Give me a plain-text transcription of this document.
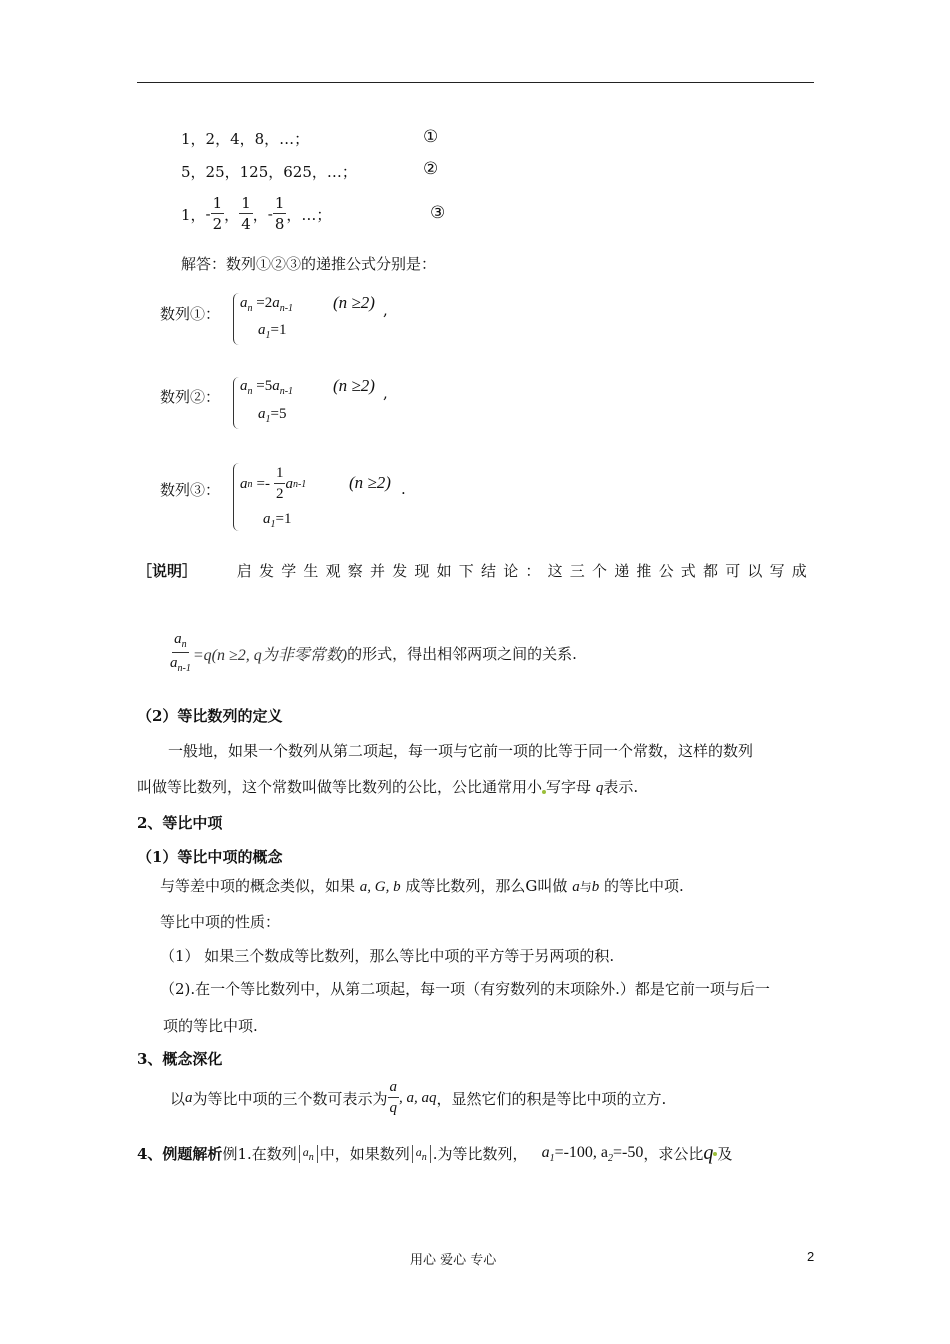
1，2，4，8，…；	①
5，25，125，625，…；	②
1， - $\frac{1}{2}$ ， $\frac{1}{4}$ ， - $\frac{1}{8}$ ，…；	③
解答：数列①②③的递推公式分别是：
数列①：
$a_n =2a_{n-1}$ (n ≥2) ,
$a_1=1$
数列②：
$a_n =5a_{n-1}$ (n ≥2) ,
$a_1=5$
数列③： a $n =- \frac{1}{2}$ a n-1	(n ≥2) .
$a_1=1$
［说明］	启发学生观察并发现如下结论：这三个递推公式都可以写成
$\frac{a_n}{a_{n-1}} =q(n \ge 2$, q为非零常数) 的形式，得出相邻两项之间的关系.
（2）等比数列的定义
一般地，如果一个数列从第二项起，每一项与它前一项的比等于同一个常数，这样的数列
叫做等比数列，这个常数叫做等比数列的公比，公比通常用小 写字母 q表示.
2、等比中项
（1）等比中项的概念
与等差中项的概念类似，如果 a, G, b 成等比数列，那么G叫做 a与b 的等比中项.
等比中项的性质：
（1） 如果三个数成等比数列，那么等比中项的平方等于另两项的积.
（2).在一个等比数列中，从第二项起，每一项（有穷数列的末项除外.）都是它前一项与后一
项的等比中项.
3、概念深化
以 a 为等比中项的三个数可表示为 $\frac{a}{q}$ , a, aq ，显然它们的积是等比中项的立方.
4、例题解析 例1.在数列 $a_n$ 中，如果数列 $a_n$ .为等比数列， $a_1=-100$, $a_2=-50$ ，求公比 q 及
用心 爱心 专心	2
